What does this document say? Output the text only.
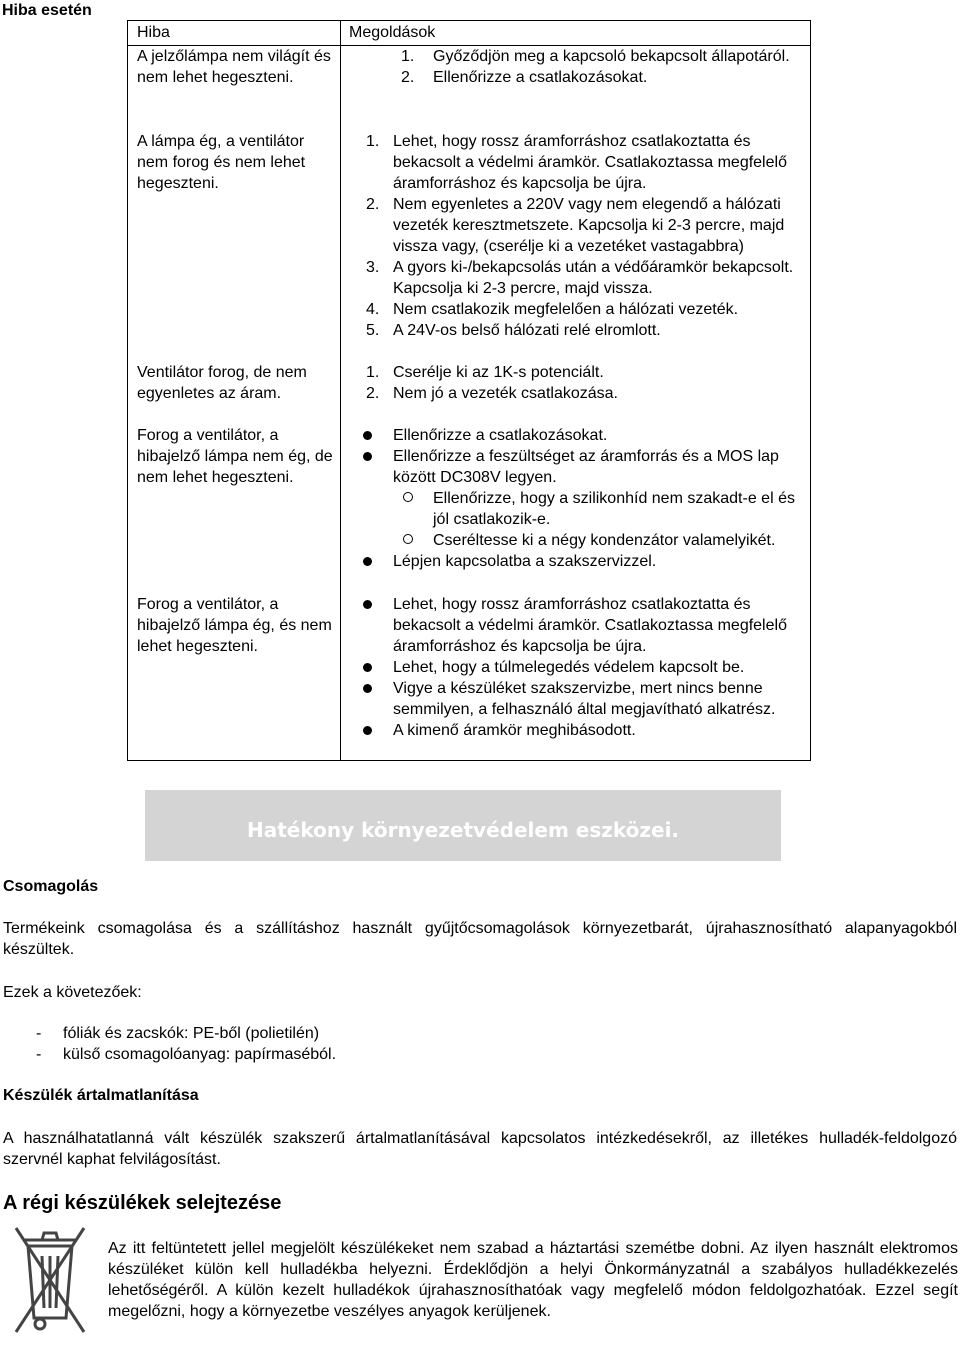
Hiba esetén
Hiba	Megoldások
A jelzőlámpa nem világít és nem lehet hegeszteni.
1. Győződjön meg a kapcsoló bekapcsolt állapotáról.
2. Ellenőrizze a csatlakozásokat.
A lámpa ég, a ventilátor nem forog és nem lehet hegeszteni.
1. Lehet, hogy rossz áramforráshoz csatlakoztatta és bekacsolt a védelmi áramkör. Csatlakoztassa megfelelő áramforráshoz és kapcsolja be újra.
2. Nem egyenletes a 220V vagy nem elegendő a hálózati vezeték keresztmetszete. Kapcsolja ki 2-3 percre, majd vissza vagy, (cserélje ki a vezetéket vastagabbra)
3. A gyors ki-/bekapcsolás után a védőáramkör bekapcsolt. Kapcsolja ki 2-3 percre, majd vissza.
4. Nem csatlakozik megfelelően a hálózati vezeték.
5. A 24V-os belső hálózati relé elromlott.
Ventilátor forog, de nem egyenletes az áram.
1. Cserélje ki az 1K-s potenciált.
2. Nem jó a vezeték csatlakozása.
Forog a ventilátor, a hibajelző lámpa nem ég, de nem lehet hegeszteni.
Ellenőrizze a csatlakozásokat.
Ellenőrizze a feszültséget az áramforrás és a MOS lap között DC308V legyen.
Ellenőrizze, hogy a szilikonhíd nem szakadt-e el és jól csatlakozik-e.
Cseréltesse ki a négy kondenzátor valamelyikét.
Lépjen kapcsolatba a szakszervizzel.
Forog a ventilátor, a hibajelző lámpa ég, és nem lehet hegeszteni.
Lehet, hogy rossz áramforráshoz csatlakoztatta és bekacsolt a védelmi áramkör. Csatlakoztassa megfelelő áramforráshoz és kapcsolja be újra.
Lehet, hogy a túlmelegedés védelem kapcsolt be.
Vigye a készüléket szakszervizbe, mert nincs benne semmilyen, a felhasználó által megjavítható alkatrész.
A kimenő áramkör meghibásodott.
Hatékony környezetvédelem eszközei.
Csomagolás
Termékeink csomagolása és a szállításhoz használt gyűjtőcsomagolások környezetbarát, újrahasznosítható alapanyagokból készültek.
Ezek a követezőek:
- fóliák és zacskók: PE-ből (polietilén)
- külső csomagolóanyag: papírmaséból.
Készülék ártalmatlanítása
A használhatatlanná vált készülék szakszerű ártalmatlanításával kapcsolatos intézkedésekről, az illetékes hulladék-feldolgozó szervnél kaphat felvilágosítást.
A régi készülékek selejtezése
Az itt feltüntetett jellel megjelölt készülékeket nem szabad a háztartási szemétbe dobni. Az ilyen használt elektromos készüléket külön kell hulladékba helyezni. Érdeklődjön a helyi Önkormányzatnál a szabályos hulladékkezelés lehetőségéről. A külön kezelt hulladékok újrahasznosíthatóak vagy megfelelő módon feldolgozhatóak. Ezzel segít megelőzni, hogy a környezetbe veszélyes anyagok kerüljenek.
